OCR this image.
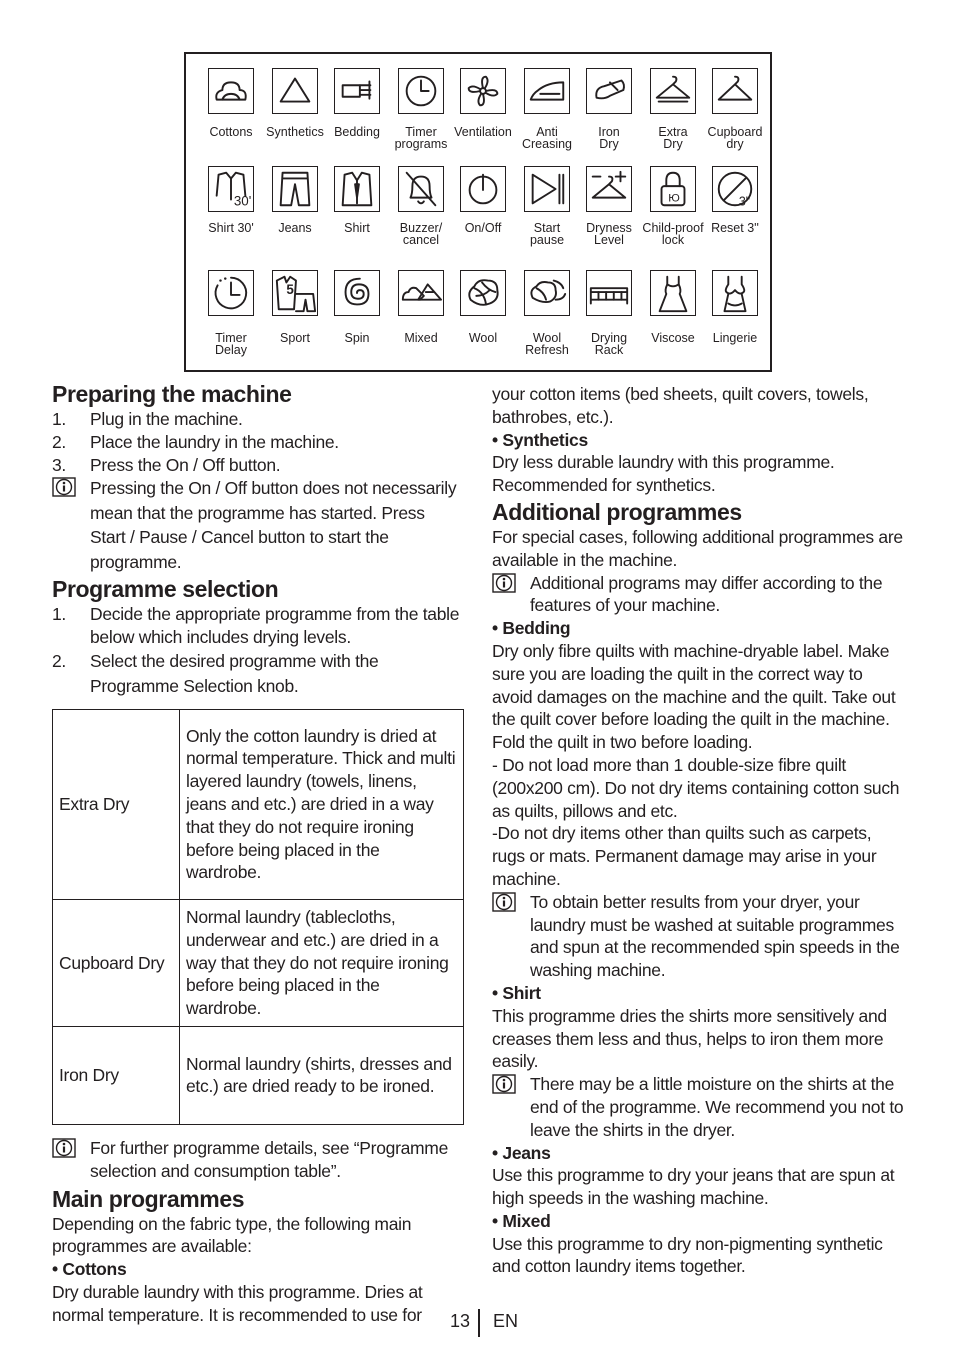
Cottons	Synthetics Bedding	Timer
programs
Ventilation	Anti
Creasing
Iron
Dry
Extra
Dry
Cupboard
dry
30'
Shirt 30'	Jeans	Shirt	Buzzer/
cancel
On/Off	Start
pause
Dryness
Level
Ю
Child-proof
lock
3"
Reset 3''
Timer
Delay
5
Sport	Spin	Mixed	Wool	Wool
Refresh
Drying
Rack
Viscose	Lingerie
Preparing the machine
1.	Plug in the machine.
2.	Place the laundry in the machine.
3.	Press the On / Off button.

Pressing the On / Off button does not necessarily mean that the programme has started. Press Start / Pause / Cancel button to start the programme.

Programme selection
1.	Decide the appropriate programme from the table below which includes drying levels.
2.	Select the desired programme with the Programme Selection knob.
Extra Dry	Only the cotton laundry is dried at normal temperature. Thick and multi layered laundry (towels, linens, jeans and etc.) are dried in a way that they do not require ironing before being placed in the wardrobe.
Cupboard Dry	Normal laundry (tablecloths, underwear and etc.) are dried in a way that they do not require ironing before being placed in the wardrobe.
Iron Dry	Normal laundry (shirts, dresses and etc.) are dried ready to be ironed.

For further programme details, see “Programme selection and consumption table”.

Main programmes

Depending on the fabric type, the following main programmes are available:

• Cottons

Dry durable laundry with this programme. Dries at normal temperature. It is recommended to use for

your cotton items (bed sheets, quilt covers, towels, bathrobes, etc.).

• Synthetics

Dry less durable laundry with this programme. Recommended for synthetics.

Additional programmes

For special cases, following additional programmes are available in the machine.

Additional programs may differ according to the features of your machine.

• Bedding

Dry only fibre quilts with machine-dryable label. Make sure you are loading the quilt in the correct way to avoid damages on the machine and the quilt. Take out the quilt cover before loading the quilt in the machine. Fold the quilt in two before loading.

- Do not load more than 1 double-size fibre quilt (200x200 cm). Do not dry items containing cotton such as quilts, pillows and etc.

-Do not dry items other than quilts such as carpets, rugs or mats. Permanent damage may arise in your machine.

To obtain better results from your dryer, your laundry must be washed at suitable programmes and spun at the recommended spin speeds in the washing machine.

• Shirt

This programme dries the shirts more sensitively and creases them less and thus, helps to iron them more easily.

There may be a little moisture on the shirts at the end of the programme. We recommend you not to leave the shirts in the dryer.

• Jeans

Use this programme to dry your jeans that are spun at high speeds in the washing machine.

• Mixed

Use this programme to dry non-pigmenting synthetic and cotton laundry items together.

13 EN
